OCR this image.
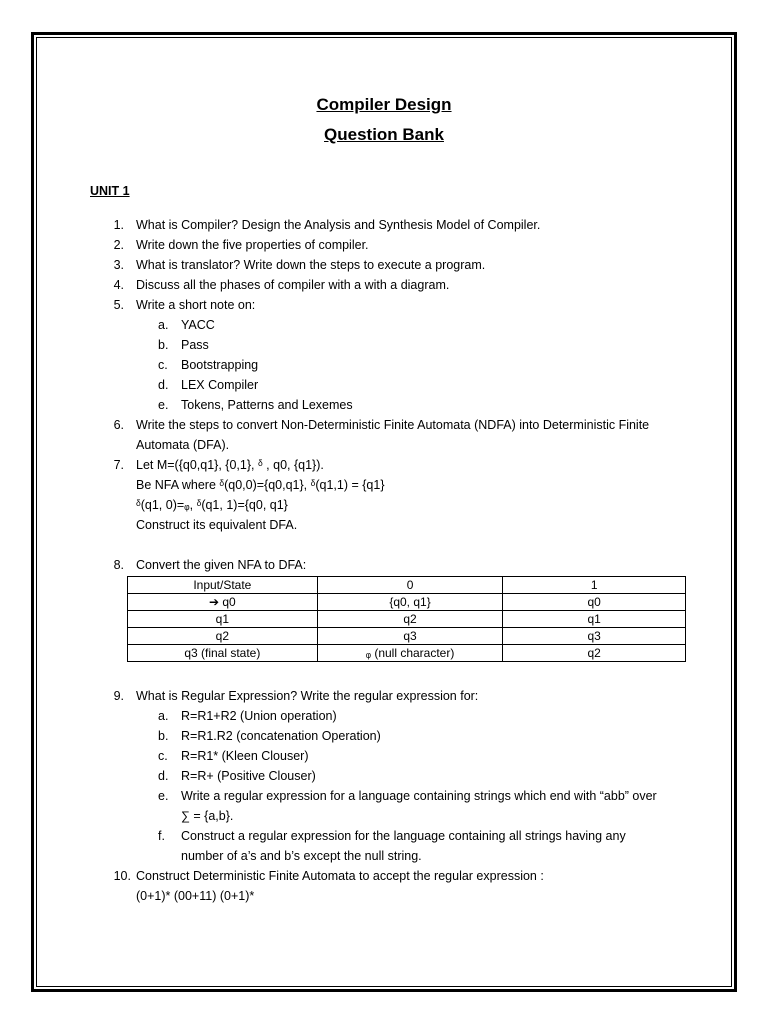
Compiler Design
Question Bank
UNIT 1
1. What is Compiler? Design the Analysis and Synthesis Model of Compiler.
2. Write down the five properties of compiler.
3. What is translator? Write down the steps to execute a program.
4. Discuss all the phases of compiler with a with a diagram.
5. Write a short note on:
a. YACC
b. Pass
c. Bootstrapping
d. LEX Compiler
e. Tokens, Patterns and Lexemes
6. Write the steps to convert Non-Deterministic Finite Automata (NDFA) into Deterministic Finite
Automata (DFA).
7. Let M=({q0,q1}, {0,1}, ᵟ , q0, {q1}).
Be NFA where ᵟ(q0,0)={q0,q1}, ᵟ(q1,1) = {q1}
ᵟ(q1, 0)=ᵩ, ᵟ(q1, 1)={q0, q1}
Construct its equivalent DFA.
8. Convert the given NFA to DFA:
Input/State	0	1
➔ q0	{q0, q1}	q0
q1	q2	q1
q2	q3	q3
q3 (final state)	ᵩ (null character)	q2
9. What is Regular Expression? Write the regular expression for:
a. R=R1+R2 (Union operation)
b. R=R1.R2 (concatenation Operation)
c. R=R1* (Kleen Clouser)
d. R=R+ (Positive Clouser)
e. Write a regular expression for a language containing strings which end with “abb” over
∑ = {a,b}.
f. Construct a regular expression for the language containing all strings having any
number of a’s and b’s except the null string.
10. Construct Deterministic Finite Automata to accept the regular expression :
(0+1)* (00+11) (0+1)*
